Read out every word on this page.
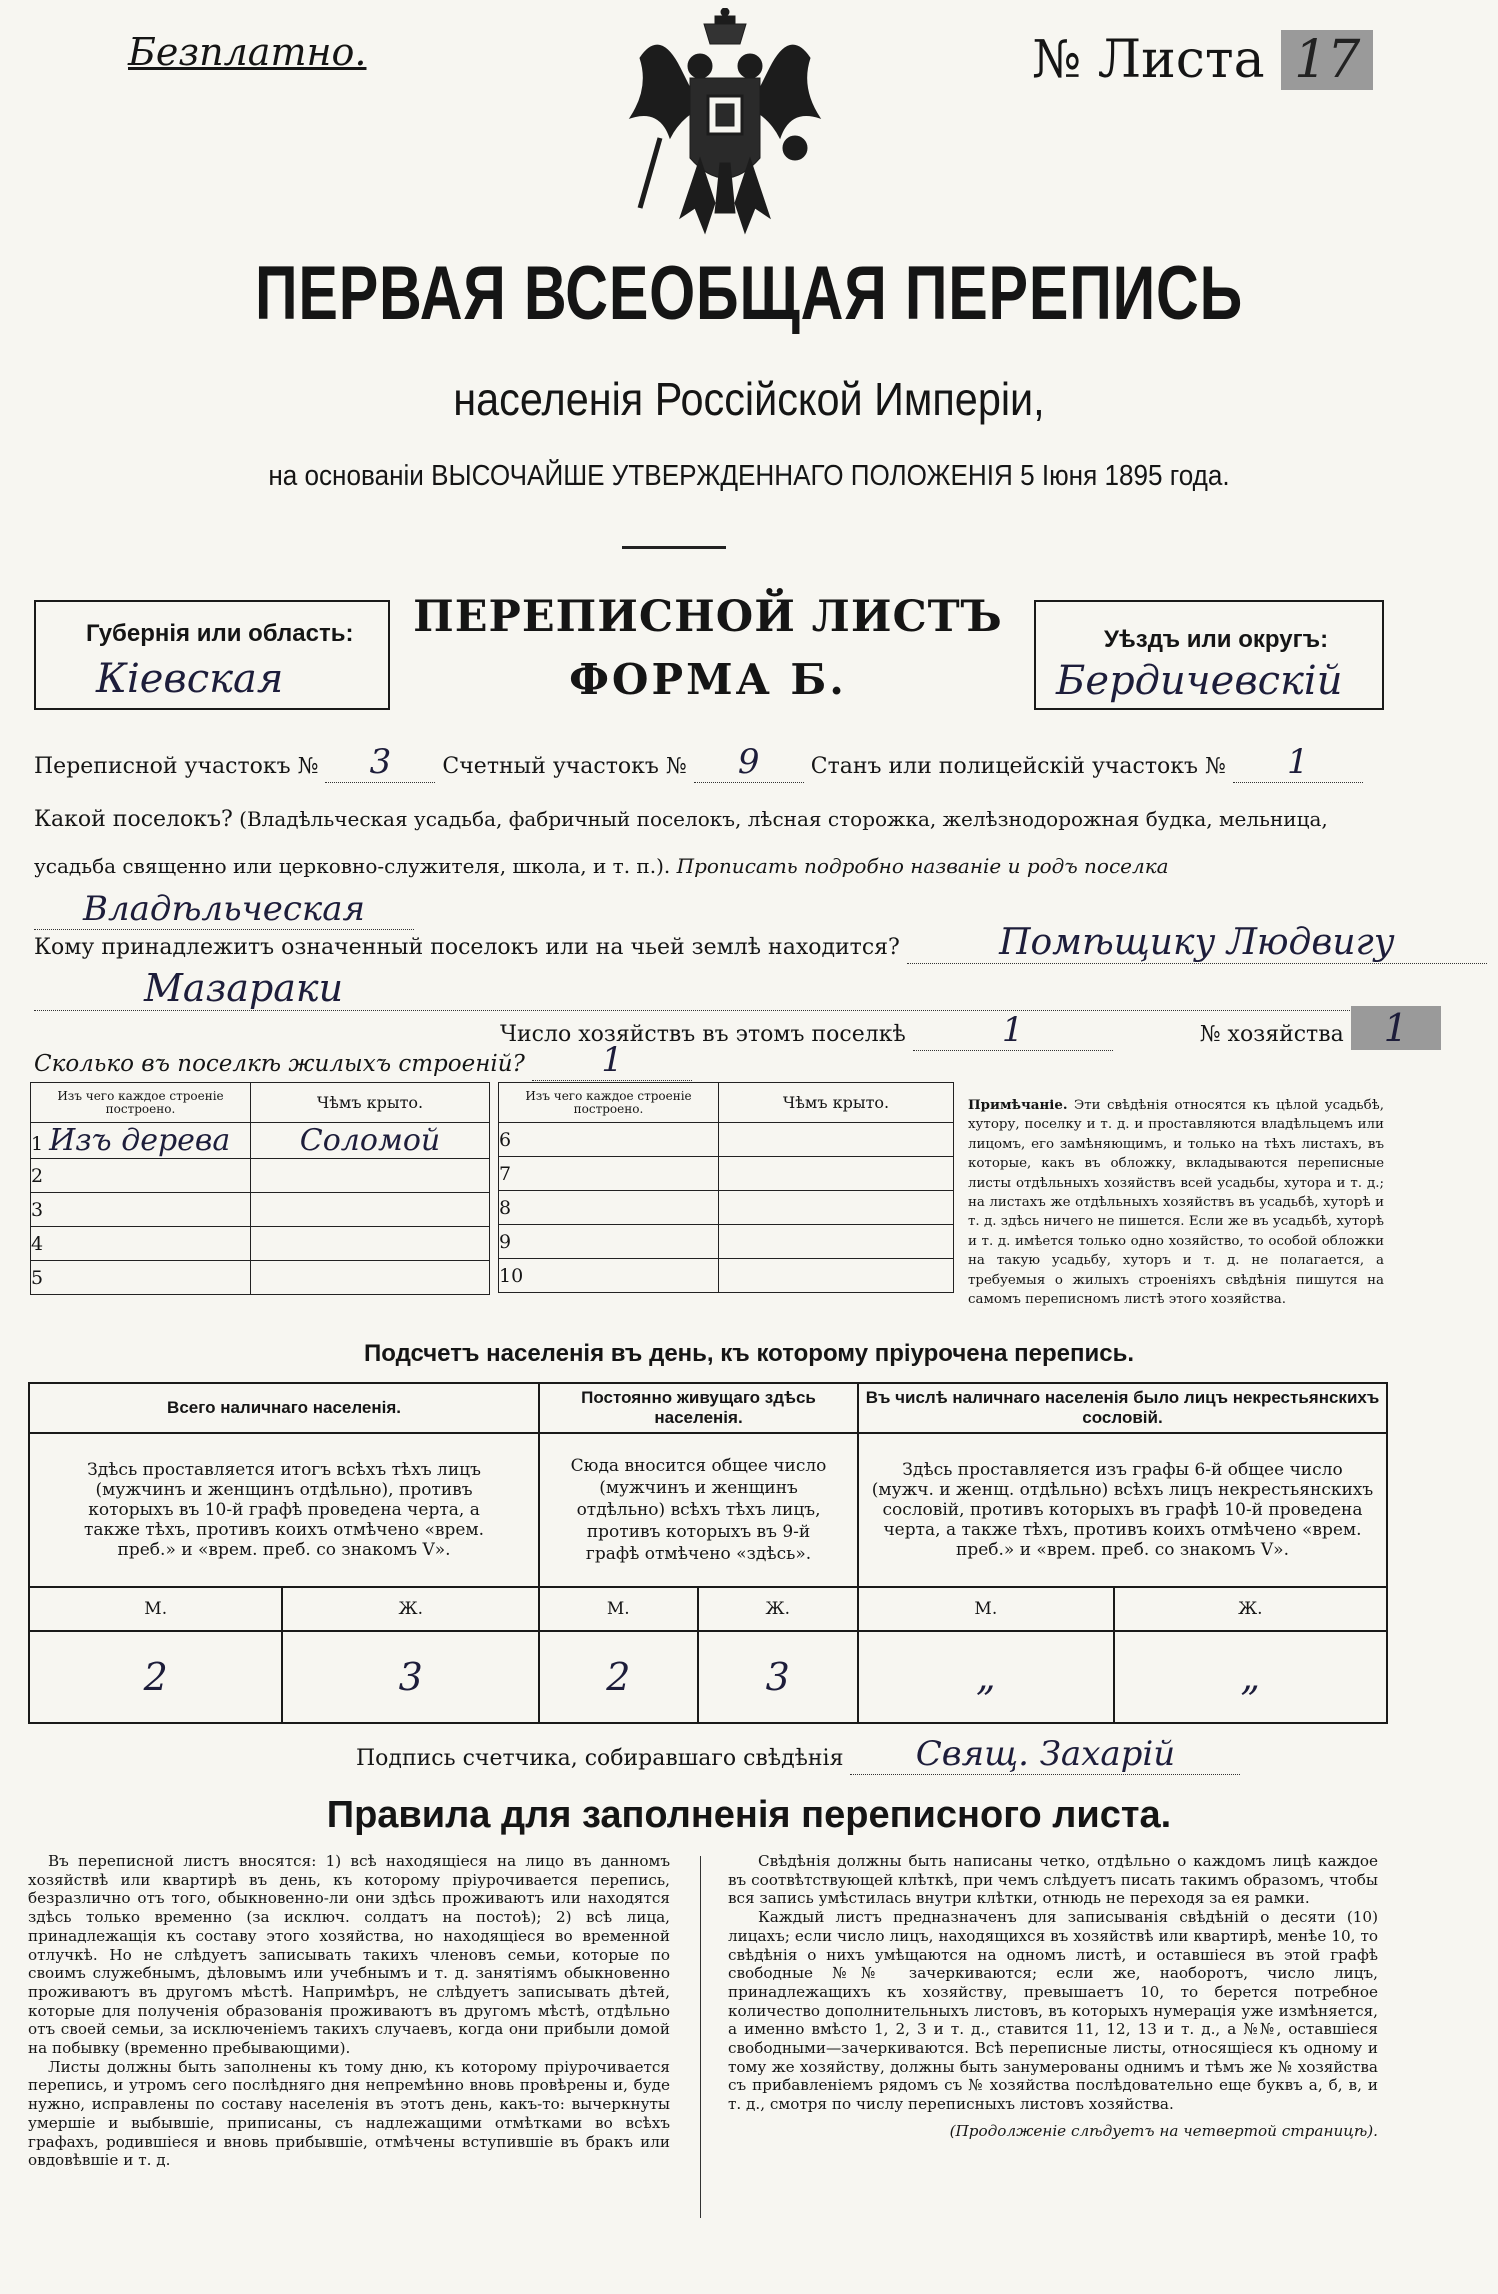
Безплатно.	№ Листа 17
ПЕРВАЯ ВСЕОБЩАЯ ПЕРЕПИСЬ
населенія Россійской Имперіи,
на основаніи ВЫСОЧАЙШЕ УТВЕРЖДЕННАГО ПОЛОЖЕНІЯ 5 Іюня 1895 года.
Губернія или область:
Кіевская
ПЕРЕПИСНОЙ ЛИСТЪ
ФОРМА Б.
Уѣздъ или округъ:
Бердичевскій
Переписной участокъ № 3 Счетный участокъ № 9 Станъ или полицейскій участокъ № 1
Какой поселокъ? (Владѣльческая усадьба, фабричный поселокъ, лѣсная сторожка, желѣзнодорожная будка, мельница, усадьба священно или церковно-служителя, школа, и т. п.). Прописать подробно названіе и родъ поселка Владѣльческая
Кому принадлежитъ означенный поселокъ или на чьей землѣ находится?	Помѣщику Людвигу
Мазараки
Число хозяйствъ въ этомъ поселкѣ	1	№ хозяйства 1
Сколько въ поселкѣ жилыхъ строеній? 1
Изъ чего каждое строеніе построено.	Чѣмъ крыто.
1 Изъ дерева	Соломой
2	
3	
4	
5	
Изъ чего каждое строеніе построено.	Чѣмъ крыто.
6	
7	
8	
9	
10	
Примѣчаніе. Эти свѣдѣнія относятся къ цѣлой усадьбѣ, хутору, поселку и т. д. и проставляются владѣльцемъ или лицомъ, его замѣняющимъ, и только на тѣхъ листахъ, въ которые, какъ въ обложку, вкладываются переписные листы отдѣльныхъ хозяйствъ всей усадьбы, хутора и т. д.; на листахъ же отдѣльныхъ хозяйствъ въ усадьбѣ, хуторѣ и т. д. здѣсь ничего не пишется. Если же въ усадьбѣ, хуторѣ и т. д. имѣется только одно хозяйство, то особой обложки на такую усадьбу, хуторъ и т. д. не полагается, а требуемыя о жилыхъ строеніяхъ свѣдѣнія пишутся на самомъ переписномъ листѣ этого хозяйства.
Подсчетъ населенія въ день, къ которому пріурочена перепись.
Всего наличнаго населенія.		Постоянно живущаго здѣсь населенія.		Въ числѣ наличнаго населенія было лицъ некрестьянскихъ сословій.	
Здѣсь проставляется итогъ всѣхъ тѣхъ лицъ (мужчинъ и женщинъ отдѣльно), противъ которыхъ въ 10-й графѣ проведена черта, а также тѣхъ, противъ коихъ отмѣчено «врем. преб.» и «врем. преб. со знакомъ V».		Сюда вносится общее число (мужчинъ и женщинъ отдѣльно) всѣхъ тѣхъ лицъ, противъ которыхъ въ 9-й графѣ отмѣчено «здѣсь».		Здѣсь проставляется изъ графы 6-й общее число (мужч. и женщ. отдѣльно) всѣхъ лицъ некрестьянскихъ сословій, противъ которыхъ въ графѣ 10-й проведена черта, а также тѣхъ, противъ коихъ отмѣчено «врем. преб.» и «врем. преб. со знакомъ V».	
М.	Ж.	М.	Ж.	М.	Ж.
2	3	2	3	„	„
Подпись счетчика, собиравшаго свѣдѣнія Свящ. Захарій
Правила для заполненія переписного листа.

Въ переписной листъ вносятся: 1) всѣ находящіеся на лицо въ данномъ хозяйствѣ или квартирѣ въ день, къ которому пріурочивается перепись, безразлично отъ того, обыкновенно-ли они здѣсь проживаютъ или находятся здѣсь только временно (за исключ. солдатъ на постоѣ); 2) всѣ лица, принадлежащія къ составу этого хозяйства, но находящіеся во временной отлучкѣ. Но не слѣдуетъ записывать такихъ членовъ семьи, которые по своимъ служебнымъ, дѣловымъ или учебнымъ и т. д. занятіямъ обыкновенно проживаютъ въ другомъ мѣстѣ. Напримѣръ, не слѣдуетъ записывать дѣтей, которые для полученія образованія проживаютъ въ другомъ мѣстѣ, отдѣльно отъ своей семьи, за исключеніемъ такихъ случаевъ, когда они прибыли домой на побывку (временно пребывающими).

Листы должны быть заполнены къ тому дню, къ которому пріурочивается перепись, и утромъ сего послѣдняго дня непремѣнно вновь провѣрены и, буде нужно, исправлены по составу населенія въ этотъ день, какъ-то: вычеркнуты умершіе и выбывшіе, приписаны, съ надлежащими отмѣтками во всѣхъ графахъ, родившіеся и вновь прибывшіе, отмѣчены вступившіе въ бракъ или овдовѣвшіе и т. д.

Свѣдѣнія должны быть написаны четко, отдѣльно о каждомъ лицѣ каждое въ соотвѣтствующей клѣткѣ, при чемъ слѣдуетъ писать такимъ образомъ, чтобы вся запись умѣстилась внутри клѣтки, отнюдь не переходя за ея рамки.

Каждый листъ предназначенъ для записыванія свѣдѣній о десяти (10) лицахъ; если число лицъ, находящихся въ хозяйствѣ или квартирѣ, менѣе 10, то свѣдѣнія о нихъ умѣщаются на одномъ листѣ, и оставшіеся въ этой графѣ свободные №№ зачеркиваются; если же, наоборотъ, число лицъ, принадлежащихъ къ хозяйству, превышаетъ 10, то берется потребное количество дополнительныхъ листовъ, въ которыхъ нумерація уже измѣняется, а именно вмѣсто 1, 2, 3 и т. д., ставится 11, 12, 13 и т. д., а №№, оставшіеся свободными—зачеркиваются. Всѣ переписные листы, относящіеся къ одному и тому же хозяйству, должны быть занумерованы однимъ и тѣмъ же № хозяйства съ прибавленіемъ рядомъ съ № хозяйства послѣдовательно еще буквъ а, б, в, и т. д., смотря по числу переписныхъ листовъ хозяйства.

(Продолженіе слѣдуетъ на четвертой страницѣ).
